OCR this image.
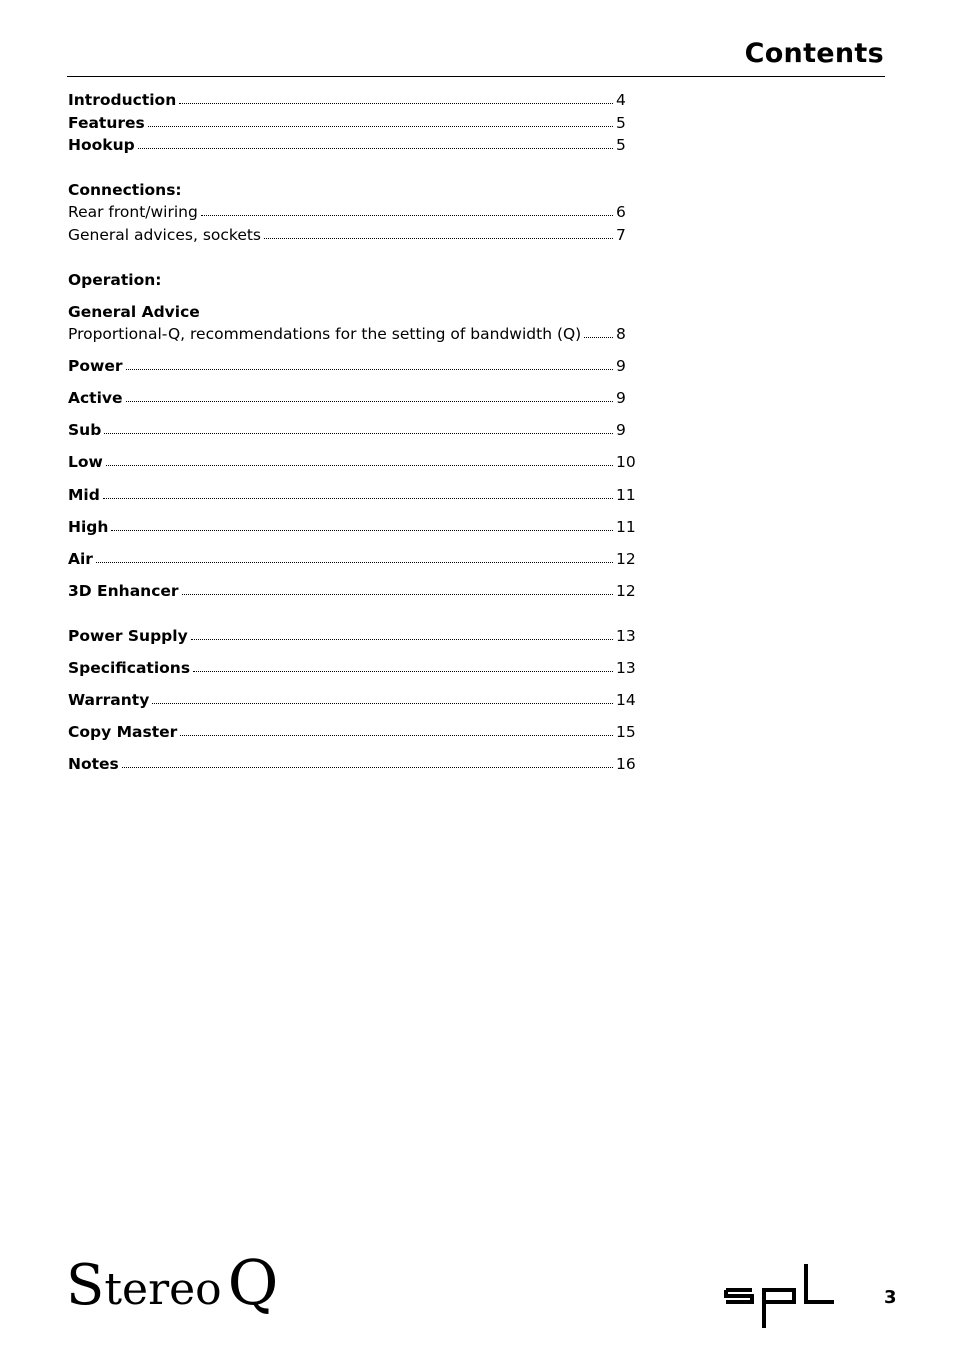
Contents
Introduction	4
Features	5
Hookup	5
Connections:
Rear front/wiring	6
General advices, sockets	7
Operation:
General Advice
Proportional-Q, recommendations for the setting of bandwidth (Q) 8
Power	9
Active	9
Sub	9
Low	10
Mid	11
High	11
Air	12
3D Enhancer	12
Power Supply	13
Specifications	13
Warranty	14
Copy Master	15
Notes	16
StereoQ	3
